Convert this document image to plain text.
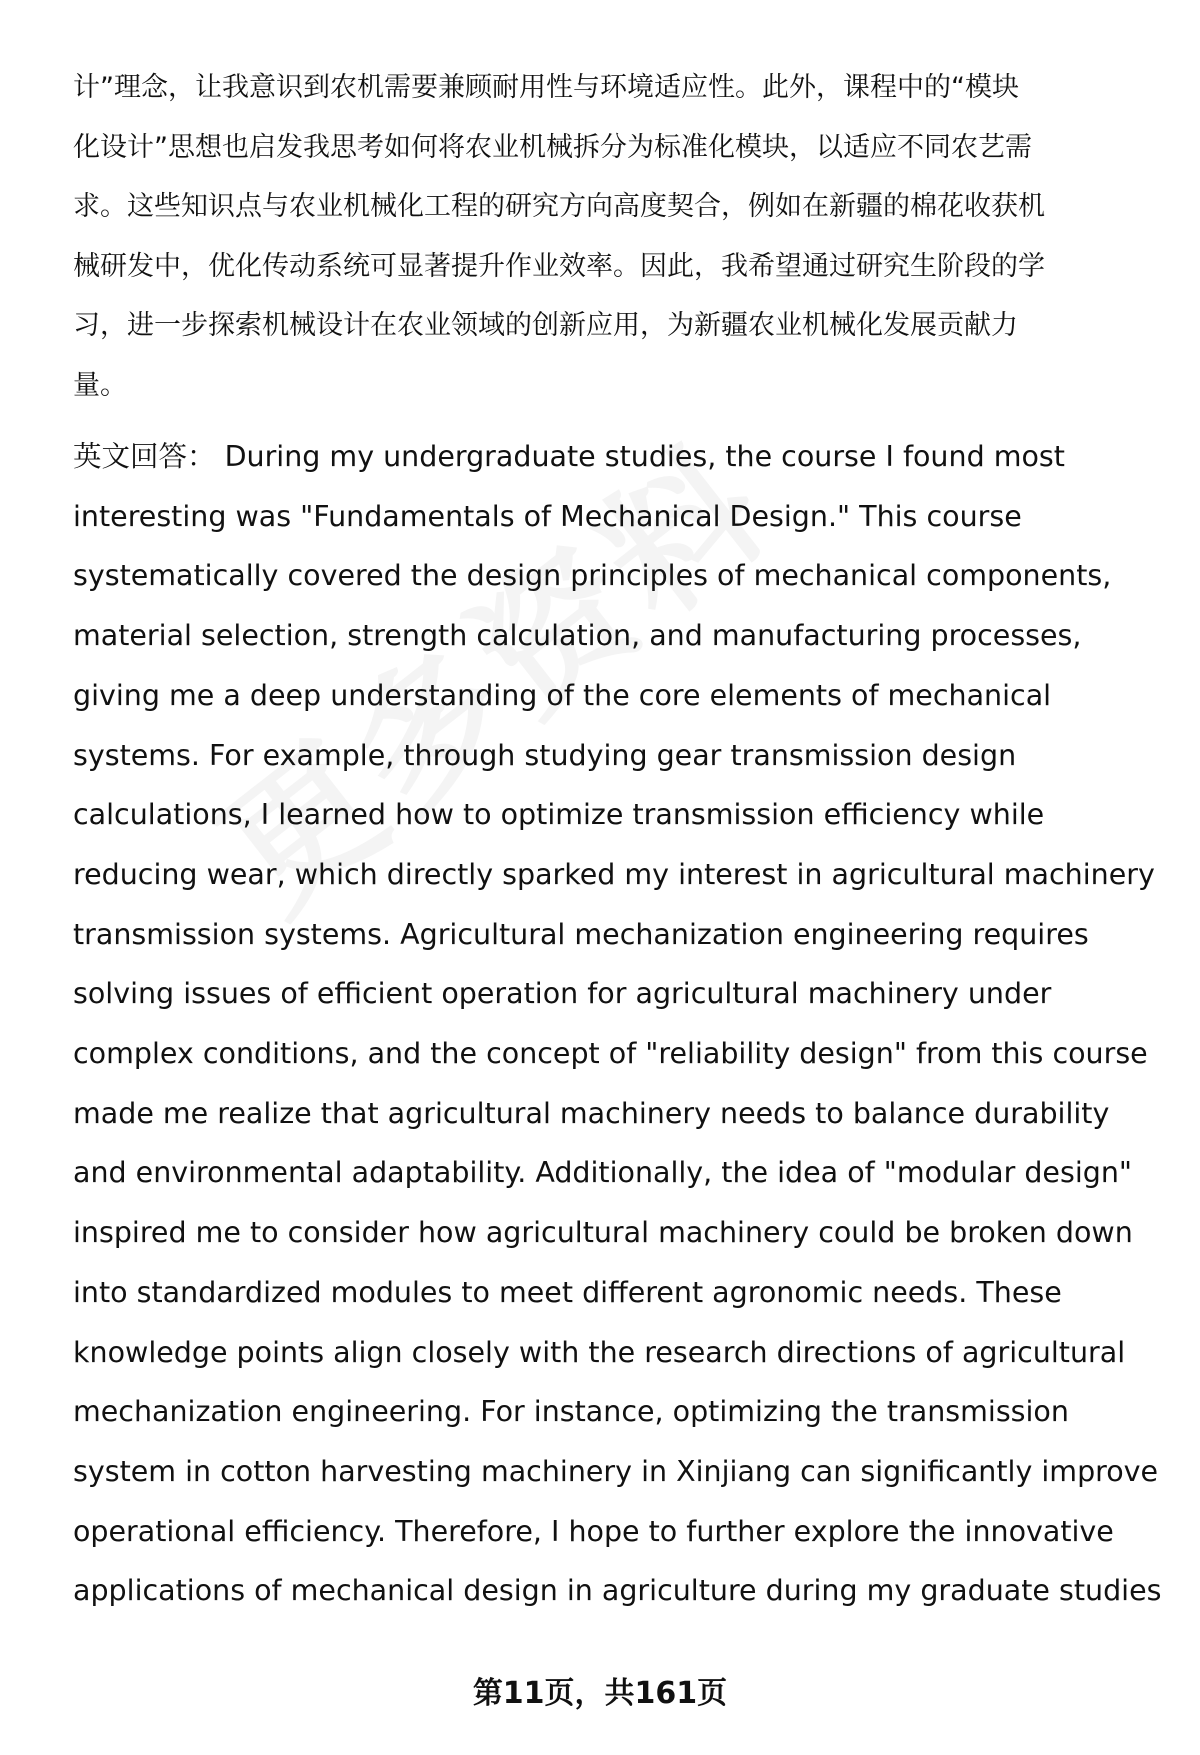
计”理念，让我意识到农机需要兼顾耐用性与环境适应性。此外，课程中的“模块
化设计”思想也启发我思考如何将农业机械拆分为标准化模块，以适应不同农艺需
求。这些知识点与农业机械化工程的研究方向高度契合，例如在新疆的棉花收获机
械研发中，优化传动系统可显著提升作业效率。因此，我希望通过研究生阶段的学
习，进一步探索机械设计在农业领域的创新应用，为新疆农业机械化发展贡献力
量。

英文回答： During my undergraduate studies, the course I found most
interesting was "Fundamentals of Mechanical Design." This course
systematically covered the design principles of mechanical components,
material selection, strength calculation, and manufacturing processes,
giving me a deep understanding of the core elements of mechanical
systems. For example, through studying gear transmission design
calculations, I learned how to optimize transmission efficiency while
reducing wear, which directly sparked my interest in agricultural machinery
transmission systems. Agricultural mechanization engineering requires
solving issues of efficient operation for agricultural machinery under
complex conditions, and the concept of "reliability design" from this course
made me realize that agricultural machinery needs to balance durability
and environmental adaptability. Additionally, the idea of "modular design"
inspired me to consider how agricultural machinery could be broken down
into standardized modules to meet different agronomic needs. These
knowledge points align closely with the research directions of agricultural
mechanization engineering. For instance, optimizing the transmission
system in cotton harvesting machinery in Xinjiang can significantly improve
operational efficiency. Therefore, I hope to further explore the innovative
applications of mechanical design in agriculture during my graduate studies

第11页，共161页
